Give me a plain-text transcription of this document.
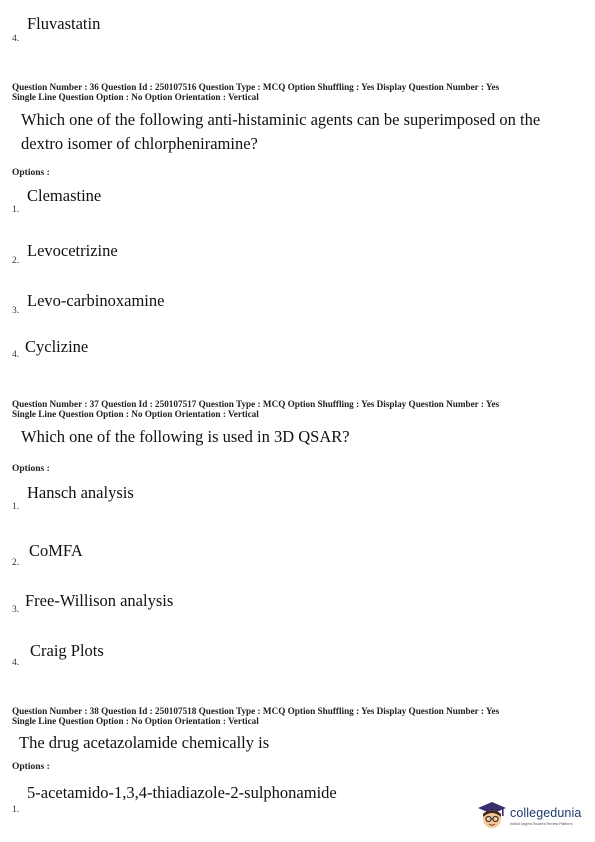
Fluvastatin
4.
Question Number : 36 Question Id : 250107516 Question Type : MCQ Option Shuffling : Yes Display Question Number : Yes
Single Line Question Option : No Option Orientation : Vertical
Which one of the following anti-histaminic agents can be superimposed on the dextro isomer of chlorpheniramine?
Options :
Clemastine
1.
Levocetrizine
2.
Levo-carbinoxamine
3.
Cyclizine
4.
Question Number : 37 Question Id : 250107517 Question Type : MCQ Option Shuffling : Yes Display Question Number : Yes
Single Line Question Option : No Option Orientation : Vertical
Which one of the following is used in 3D QSAR?
Options :
Hansch analysis
1.
CoMFA
2.
Free-Willison analysis
3.
Craig Plots
4.
Question Number : 38 Question Id : 250107518 Question Type : MCQ Option Shuffling : Yes Display Question Number : Yes
Single Line Question Option : No Option Orientation : Vertical
The drug acetazolamide chemically is
Options :
5-acetamido-1,3,4-thiadiazole-2-sulphonamide
1.	collegedunia
India's largest Student Review Platform
